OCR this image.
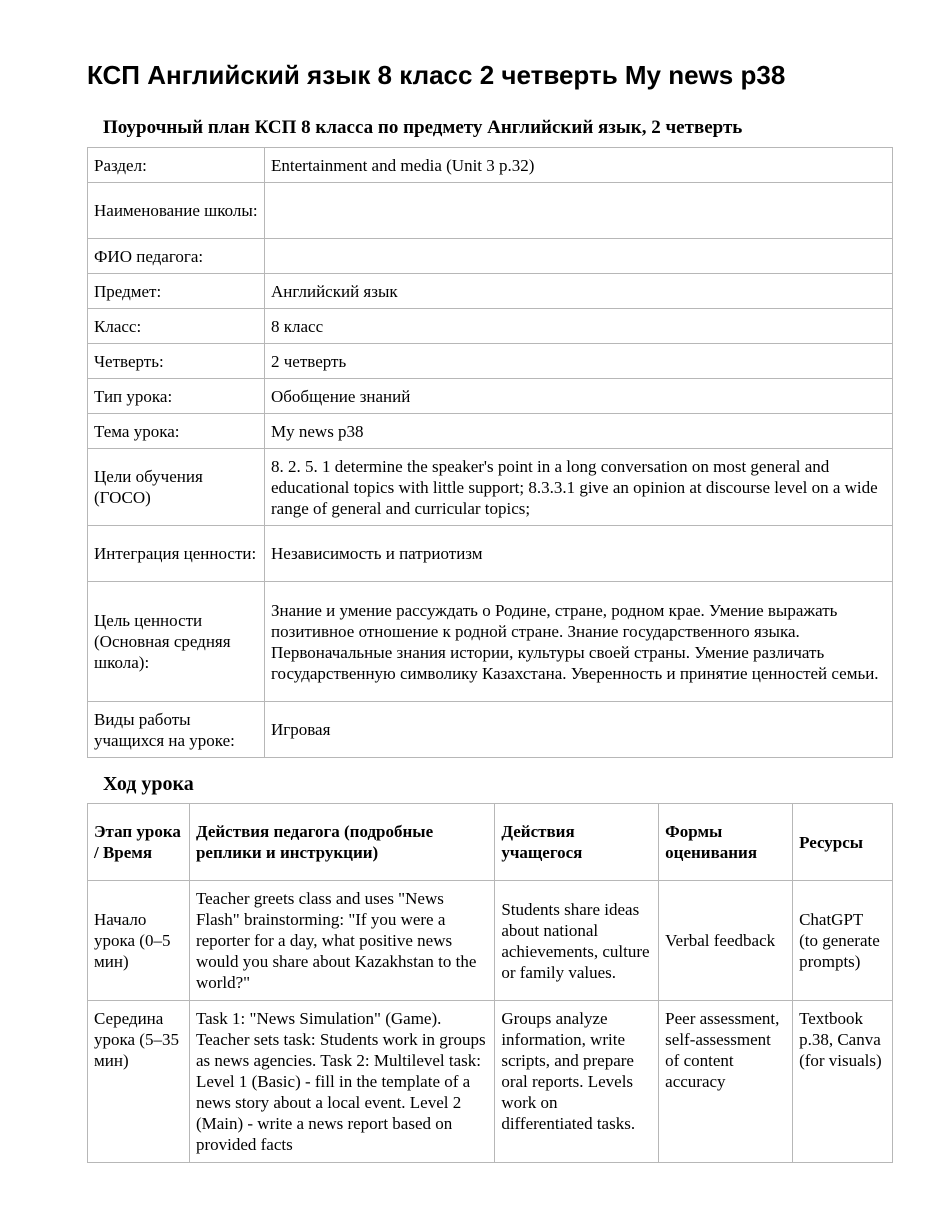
КСП Английский язык 8 класс 2 четверть My news p38
Поурочный план КСП 8 класса по предмету Английский язык, 2 четверть
Раздел:	Entertainment and media (Unit 3 p.32)
Наименование школы:	
ФИО педагога:	
Предмет:	Английский язык
Класс:	8 класс
Четверть:	2 четверть
Тип урока:	Обобщение знаний
Тема урока:	My news p38
Цели обучения (ГОСО)	8. 2. 5. 1 determine the speaker's point in a long conversation on most general and educational topics with little support; 8.3.3.1 give an opinion at discourse level on a wide range of general and curricular topics;
Интеграция ценности:	Независимость и патриотизм
Цель ценности (Основная средняя школа):	Знание и умение рассуждать о Родине, стране, родном крае. Умение выражать позитивное отношение к родной стране. Знание государственного языка. Первоначальные знания истории, культуры своей страны. Умение различать государственную символику Казахстана. Уверенность и принятие ценностей семьи.
Виды работы учащихся на уроке:	Игровая
Ход урока
Этап урока / Время	Действия педагога (подробные реплики и инструкции)	Действия учащегося	Формы оценивания	Ресурсы
Начало урока (0–5 мин)	Teacher greets class and uses "News Flash" brainstorming: "If you were a reporter for a day, what positive news would you share about Kazakhstan to the world?"	Students share ideas about national achievements, culture or family values.	Verbal feedback	ChatGPT (to generate prompts)
Середина урока (5–35 мин)	Task 1: "News Simulation" (Game). Teacher sets task: Students work in groups as news agencies. Task 2: Multilevel task: Level 1 (Basic) - fill in the template of a news story about a local event. Level 2 (Main) - write a news report based on provided facts	Groups analyze information, write scripts, and prepare oral reports. Levels work on differentiated tasks.	Peer assessment, self-assessment of content accuracy	Textbook p.38, Canva (for visuals)
